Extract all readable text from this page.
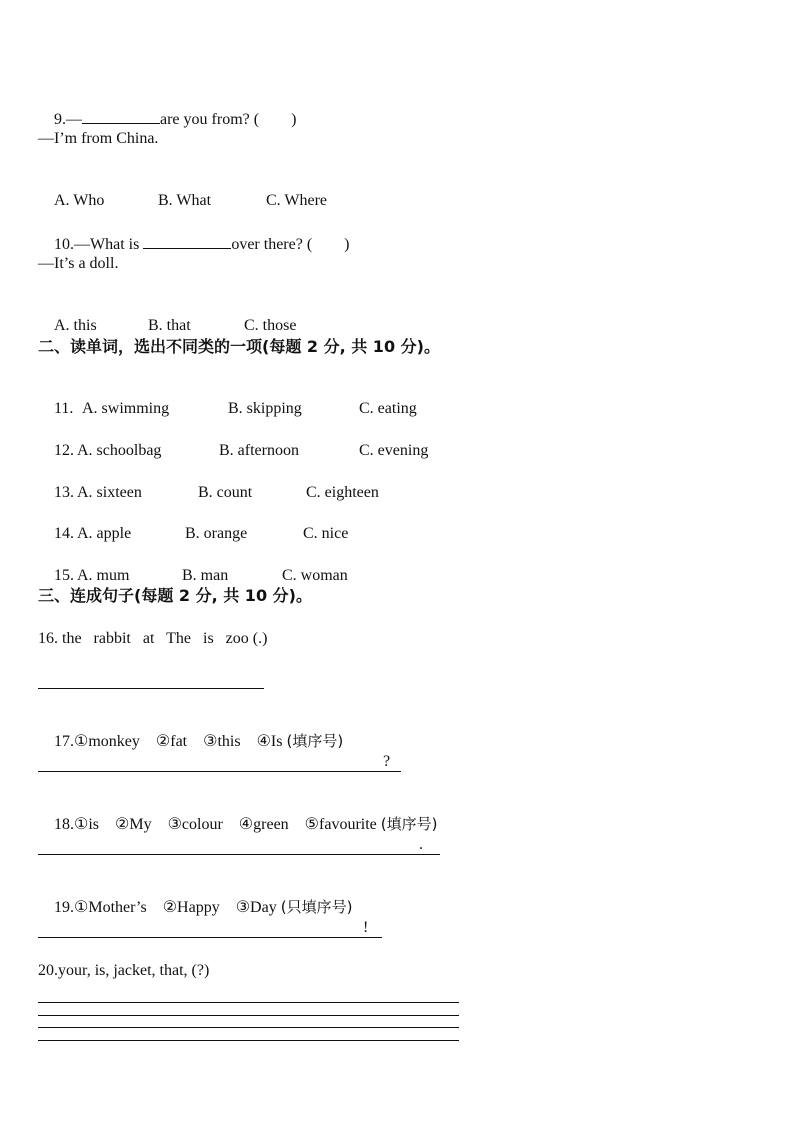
9.—	are you from? (        )

—I’m from China.

A. Who	B. What	C. Where

10.—What is	over there? (        )

—It’s a doll.

A. this	B. that	C. those

二、读单词，选出不同类的一项(每题 2 分, 共 10 分)。

11. A. swimming	B. skipping	C. eating

12. A. schoolbag	B. afternoon	C. evening

13. A. sixteen	B. count	C. eighteen

14. A. apple	B. orange	C. nice

15. A. mum	B. man	C. woman

三、连成句子(每题 2 分, 共 10 分)。
16. the   rabbit   at   The   is   zoo (.)

17.①monkey    ②fat    ③this    ④Is (填序号)

?

18.①is    ②My    ③colour    ④green    ⑤favourite (填序号)

.

19.①Mother’s    ②Happy    ③Day (只填序号)

!
20.your, is, jacket, that, (?)
